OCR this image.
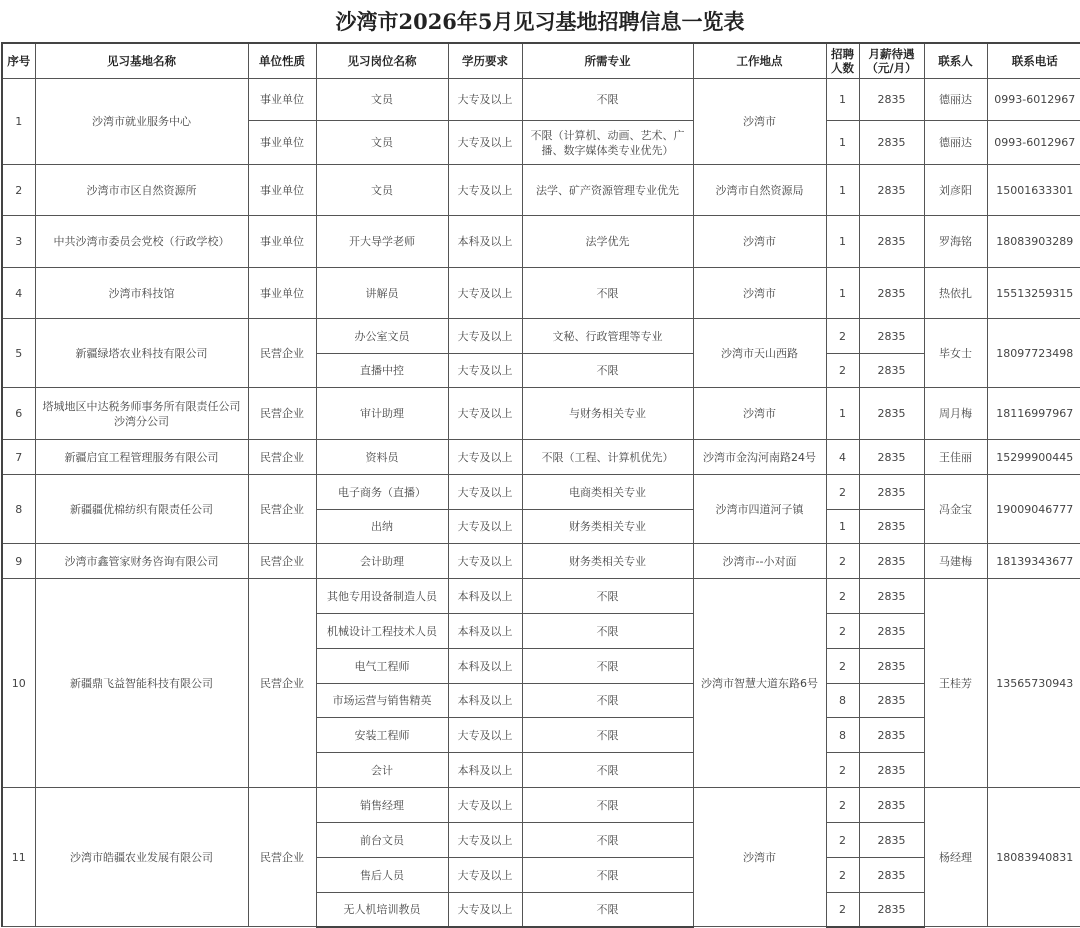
沙湾市2026年5月见习基地招聘信息一览表
序号	见习基地名称	单位性质	见习岗位名称	学历要求	所需专业	工作地点	招聘人数	月薪待遇（元/月）	联系人	联系电话
1	沙湾市就业服务中心	事业单位	文员	大专及以上	不限	沙湾市	1	2835	德丽达	0993-6012967
		事业单位	文员	大专及以上	不限（计算机、动画、艺术、广播、数字媒体类专业优先）		1	2835	德丽达	0993-6012967
2	沙湾市市区自然资源所	事业单位	文员	大专及以上	法学、矿产资源管理专业优先	沙湾市自然资源局	1	2835	刘彦阳	15001633301
3	中共沙湾市委员会党校（行政学校）	事业单位	开大导学老师	本科及以上	法学优先	沙湾市	1	2835	罗海铭	18083903289
4	沙湾市科技馆	事业单位	讲解员	大专及以上	不限	沙湾市	1	2835	热依扎	15513259315
5	新疆绿塔农业科技有限公司	民营企业	办公室文员	大专及以上	文秘、行政管理等专业	沙湾市天山西路	2	2835	毕女士	18097723498
			直播中控	大专及以上	不限		2	2835		
6	塔城地区中达税务师事务所有限责任公司沙湾分公司	民营企业	审计助理	大专及以上	与财务相关专业	沙湾市	1	2835	周月梅	18116997967
7	新疆启宜工程管理服务有限公司	民营企业	资料员	大专及以上	不限（工程、计算机优先）	沙湾市金沟河南路24号	4	2835	王佳丽	15299900445
8	新疆疆优棉纺织有限责任公司	民营企业	电子商务（直播）	大专及以上	电商类相关专业	沙湾市四道河子镇	2	2835	冯金宝	19009046777
			出纳	大专及以上	财务类相关专业		1	2835		
9	沙湾市鑫管家财务咨询有限公司	民营企业	会计助理	大专及以上	财务类相关专业	沙湾市--小对面	2	2835	马建梅	18139343677
10	新疆鼎飞益智能科技有限公司	民营企业	其他专用设备制造人员	本科及以上	不限	沙湾市智慧大道东路6号	2	2835	王桂芳	13565730943
			机械设计工程技术人员	本科及以上	不限		2	2835		
			电气工程师	本科及以上	不限		2	2835		
			市场运营与销售精英	本科及以上	不限		8	2835		
			安装工程师	大专及以上	不限		8	2835		
			会计	本科及以上	不限		2	2835		
11	沙湾市皓疆农业发展有限公司	民营企业	销售经理	大专及以上	不限	沙湾市	2	2835	杨经理	18083940831
			前台文员	大专及以上	不限		2	2835		
			售后人员	大专及以上	不限		2	2835		
			无人机培训教员	大专及以上	不限		2	2835		
